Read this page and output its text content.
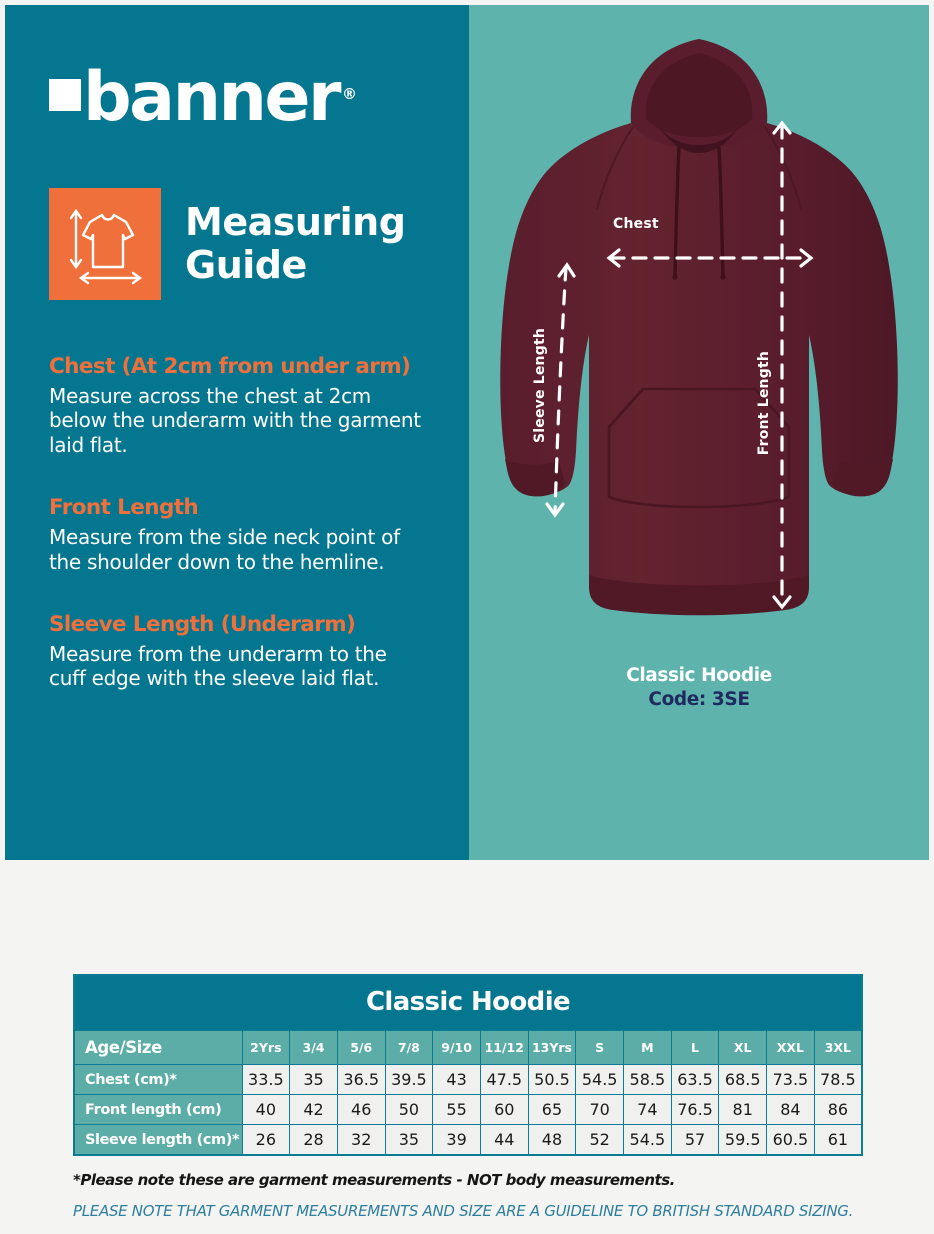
banner ®
Measuring
Guide
Chest (At 2cm from under arm)
Measure across the chest at 2cm below the underarm with the garment laid flat.
Front Length
Measure from the side neck point of the shoulder down to the hemline.
Sleeve Length (Underarm)
Measure from the underarm to the cuff edge with the sleeve laid flat.
Chest
Front Length
Sleeve Length
Classic Hoodie
Code: 3SE
Classic Hoodie													
Age/Size	2Yrs	3/4	5/6	7/8	9/10	11/12	13Yrs	S	M	L	XL	XXL	3XL
Chest (cm)*	33.5	35	36.5	39.5	43	47.5	50.5	54.5	58.5	63.5	68.5	73.5	78.5
Front length (cm)	40	42	46	50	55	60	65	70	74	76.5	81	84	86
Sleeve length (cm)*	26	28	32	35	39	44	48	52	54.5	57	59.5	60.5	61
*Please note these are garment measurements - NOT body measurements.
PLEASE NOTE THAT GARMENT MEASUREMENTS AND SIZE ARE A GUIDELINE TO BRITISH STANDARD SIZING.
